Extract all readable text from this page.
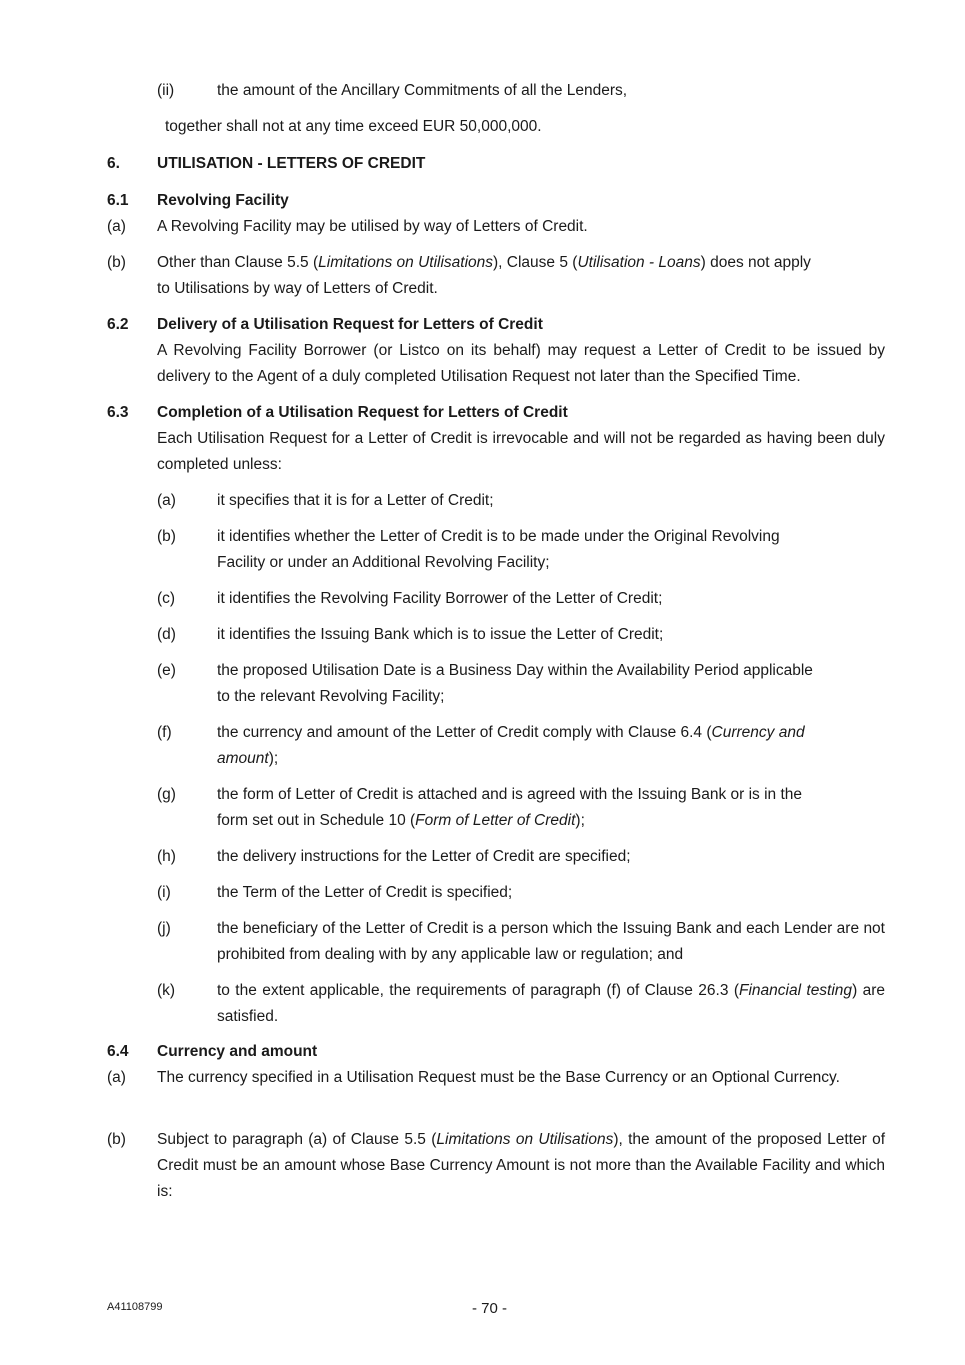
(ii)	the amount of the Ancillary Commitments of all the Lenders,
together shall not at any time exceed EUR 50,000,000.
6. UTILISATION - LETTERS OF CREDIT
6.1 Revolving Facility
(a) A Revolving Facility may be utilised by way of Letters of Credit.
(b) Other than Clause 5.5 (Limitations on Utilisations), Clause 5 (Utilisation - Loans) does not apply
to Utilisations by way of Letters of Credit.
6.2 Delivery of a Utilisation Request for Letters of Credit
A Revolving Facility Borrower (or Listco on its behalf) may request a Letter of Credit to be issued by delivery to the Agent of a duly completed Utilisation Request not later than the Specified Time.
6.3 Completion of a Utilisation Request for Letters of Credit
Each Utilisation Request for a Letter of Credit is irrevocable and will not be regarded as having been duly completed unless:
(a)	it specifies that it is for a Letter of Credit;
(b)	it identifies whether the Letter of Credit is to be made under the Original Revolving
Facility or under an Additional Revolving Facility;
(c)	it identifies the Revolving Facility Borrower of the Letter of Credit;
(d)	it identifies the Issuing Bank which is to issue the Letter of Credit;
(e)	the proposed Utilisation Date is a Business Day within the Availability Period applicable
to the relevant Revolving Facility;
(f)	the currency and amount of the Letter of Credit comply with Clause 6.4 (Currency and
amount);
(g)	the form of Letter of Credit is attached and is agreed with the Issuing Bank or is in the
form set out in Schedule 10 (Form of Letter of Credit);
(h)	the delivery instructions for the Letter of Credit are specified;
(i)	the Term of the Letter of Credit is specified;
(j)	the beneficiary of the Letter of Credit is a person which the Issuing Bank and each Lender are not prohibited from dealing with by any applicable law or regulation; and
(k)	to the extent applicable, the requirements of paragraph (f) of Clause 26.3 (Financial testing) are satisfied.
6.4 Currency and amount
(a) The currency specified in a Utilisation Request must be the Base Currency or an Optional Currency.
(b) Subject to paragraph (a) of Clause 5.5 (Limitations on Utilisations), the amount of the proposed Letter of Credit must be an amount whose Base Currency Amount is not more than the Available Facility and which is:
A41108799	- 70 -
